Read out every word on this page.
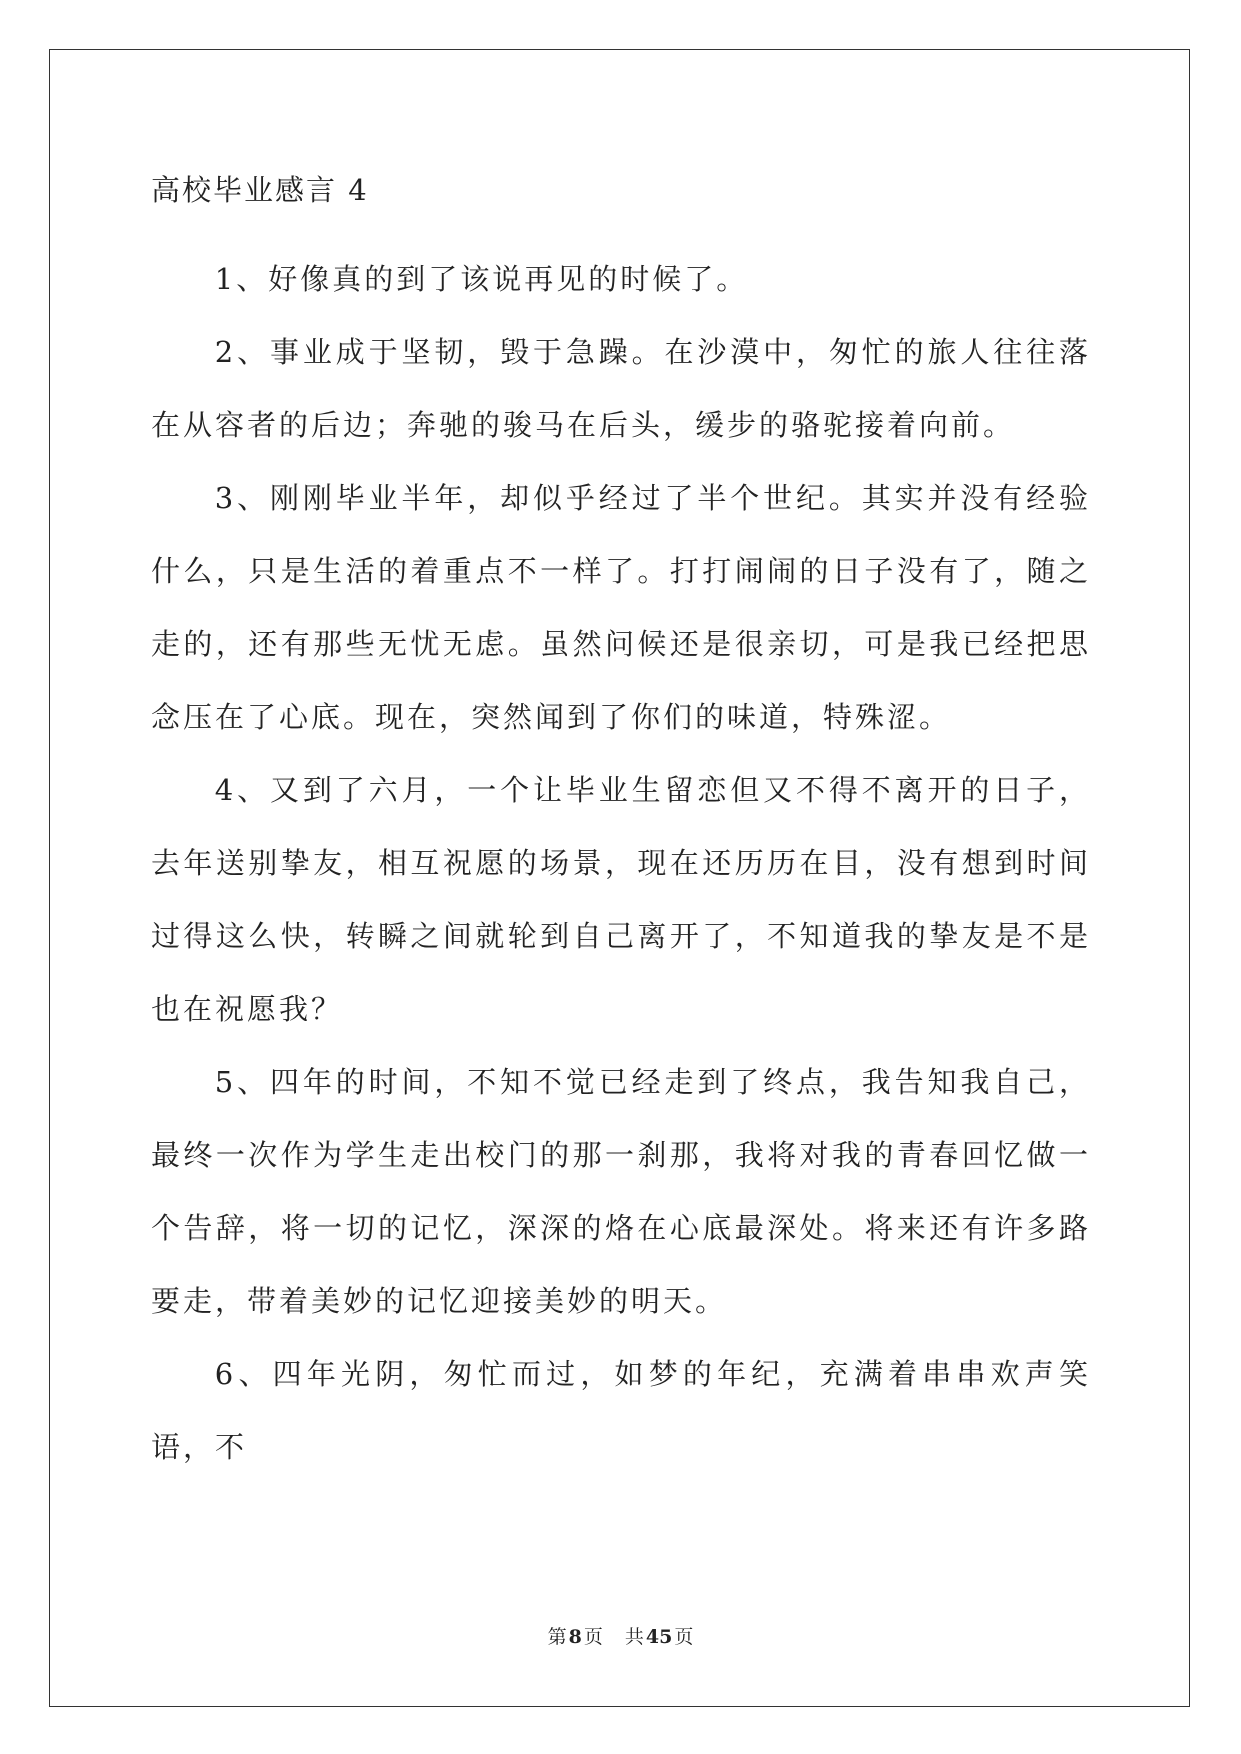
高校毕业感言 4

1、好像真的到了该说再见的时候了。

2、事业成于坚韧，毁于急躁。在沙漠中，匆忙的旅人往往落在从容者的后边；奔驰的骏马在后头，缓步的骆驼接着向前。

3、刚刚毕业半年，却似乎经过了半个世纪。其实并没有经验什么，只是生活的着重点不一样了。打打闹闹的日子没有了，随之走的，还有那些无忧无虑。虽然问候还是很亲切，可是我已经把思念压在了心底。现在，突然闻到了你们的味道，特殊涩。

4、又到了六月，一个让毕业生留恋但又不得不离开的日子，去年送别挚友，相互祝愿的场景，现在还历历在目，没有想到时间过得这么快，转瞬之间就轮到自己离开了，不知道我的挚友是不是也在祝愿我？

5、四年的时间，不知不觉已经走到了终点，我告知我自己，最终一次作为学生走出校门的那一刹那，我将对我的青春回忆做一个告辞，将一切的记忆，深深的烙在心底最深处。将来还有许多路要走，带着美妙的记忆迎接美妙的明天。

6、四年光阴，匆忙而过，如梦的年纪，充满着串串欢声笑语，不

第 8 页 共 45 页
